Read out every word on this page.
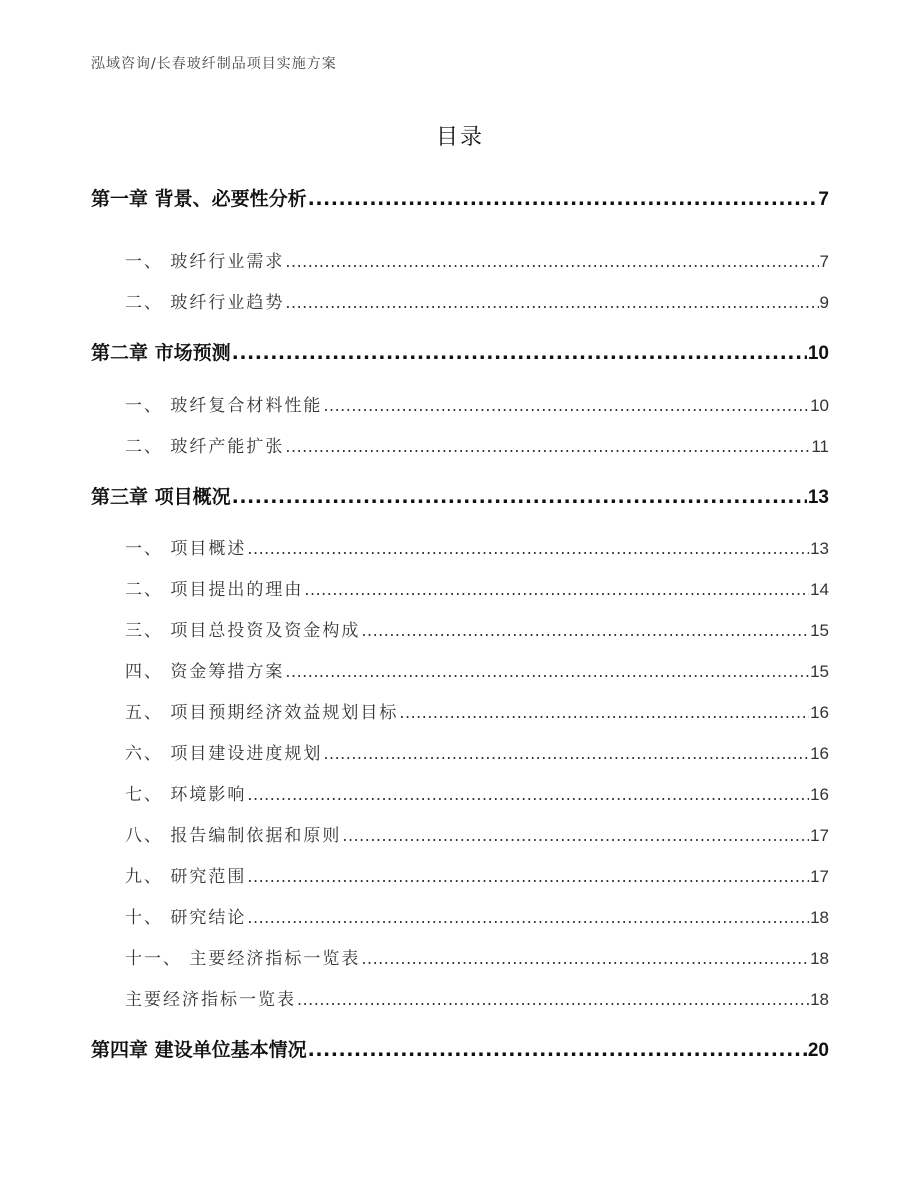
泓域咨询/长春玻纤制品项目实施方案
目录
第一章 背景、必要性分析 .....	7
一、 玻纤行业需求 .....	7
二、 玻纤行业趋势 .....	9
第二章 市场预测 .....	10
一、 玻纤复合材料性能 .....	10
二、 玻纤产能扩张 .....	11
第三章 项目概况 .....	13
一、 项目概述 .....	13
二、 项目提出的理由 .....	14
三、 项目总投资及资金构成 .....	15
四、 资金筹措方案 .....	15
五、 项目预期经济效益规划目标 .....	16
六、 项目建设进度规划 .....	16
七、 环境影响 .....	16
八、 报告编制依据和原则 .....	17
九、 研究范围 .....	17
十、 研究结论 .....	18
十一、 主要经济指标一览表 .....	18
主要经济指标一览表 .....	18
第四章 建设单位基本情况 .....	20
